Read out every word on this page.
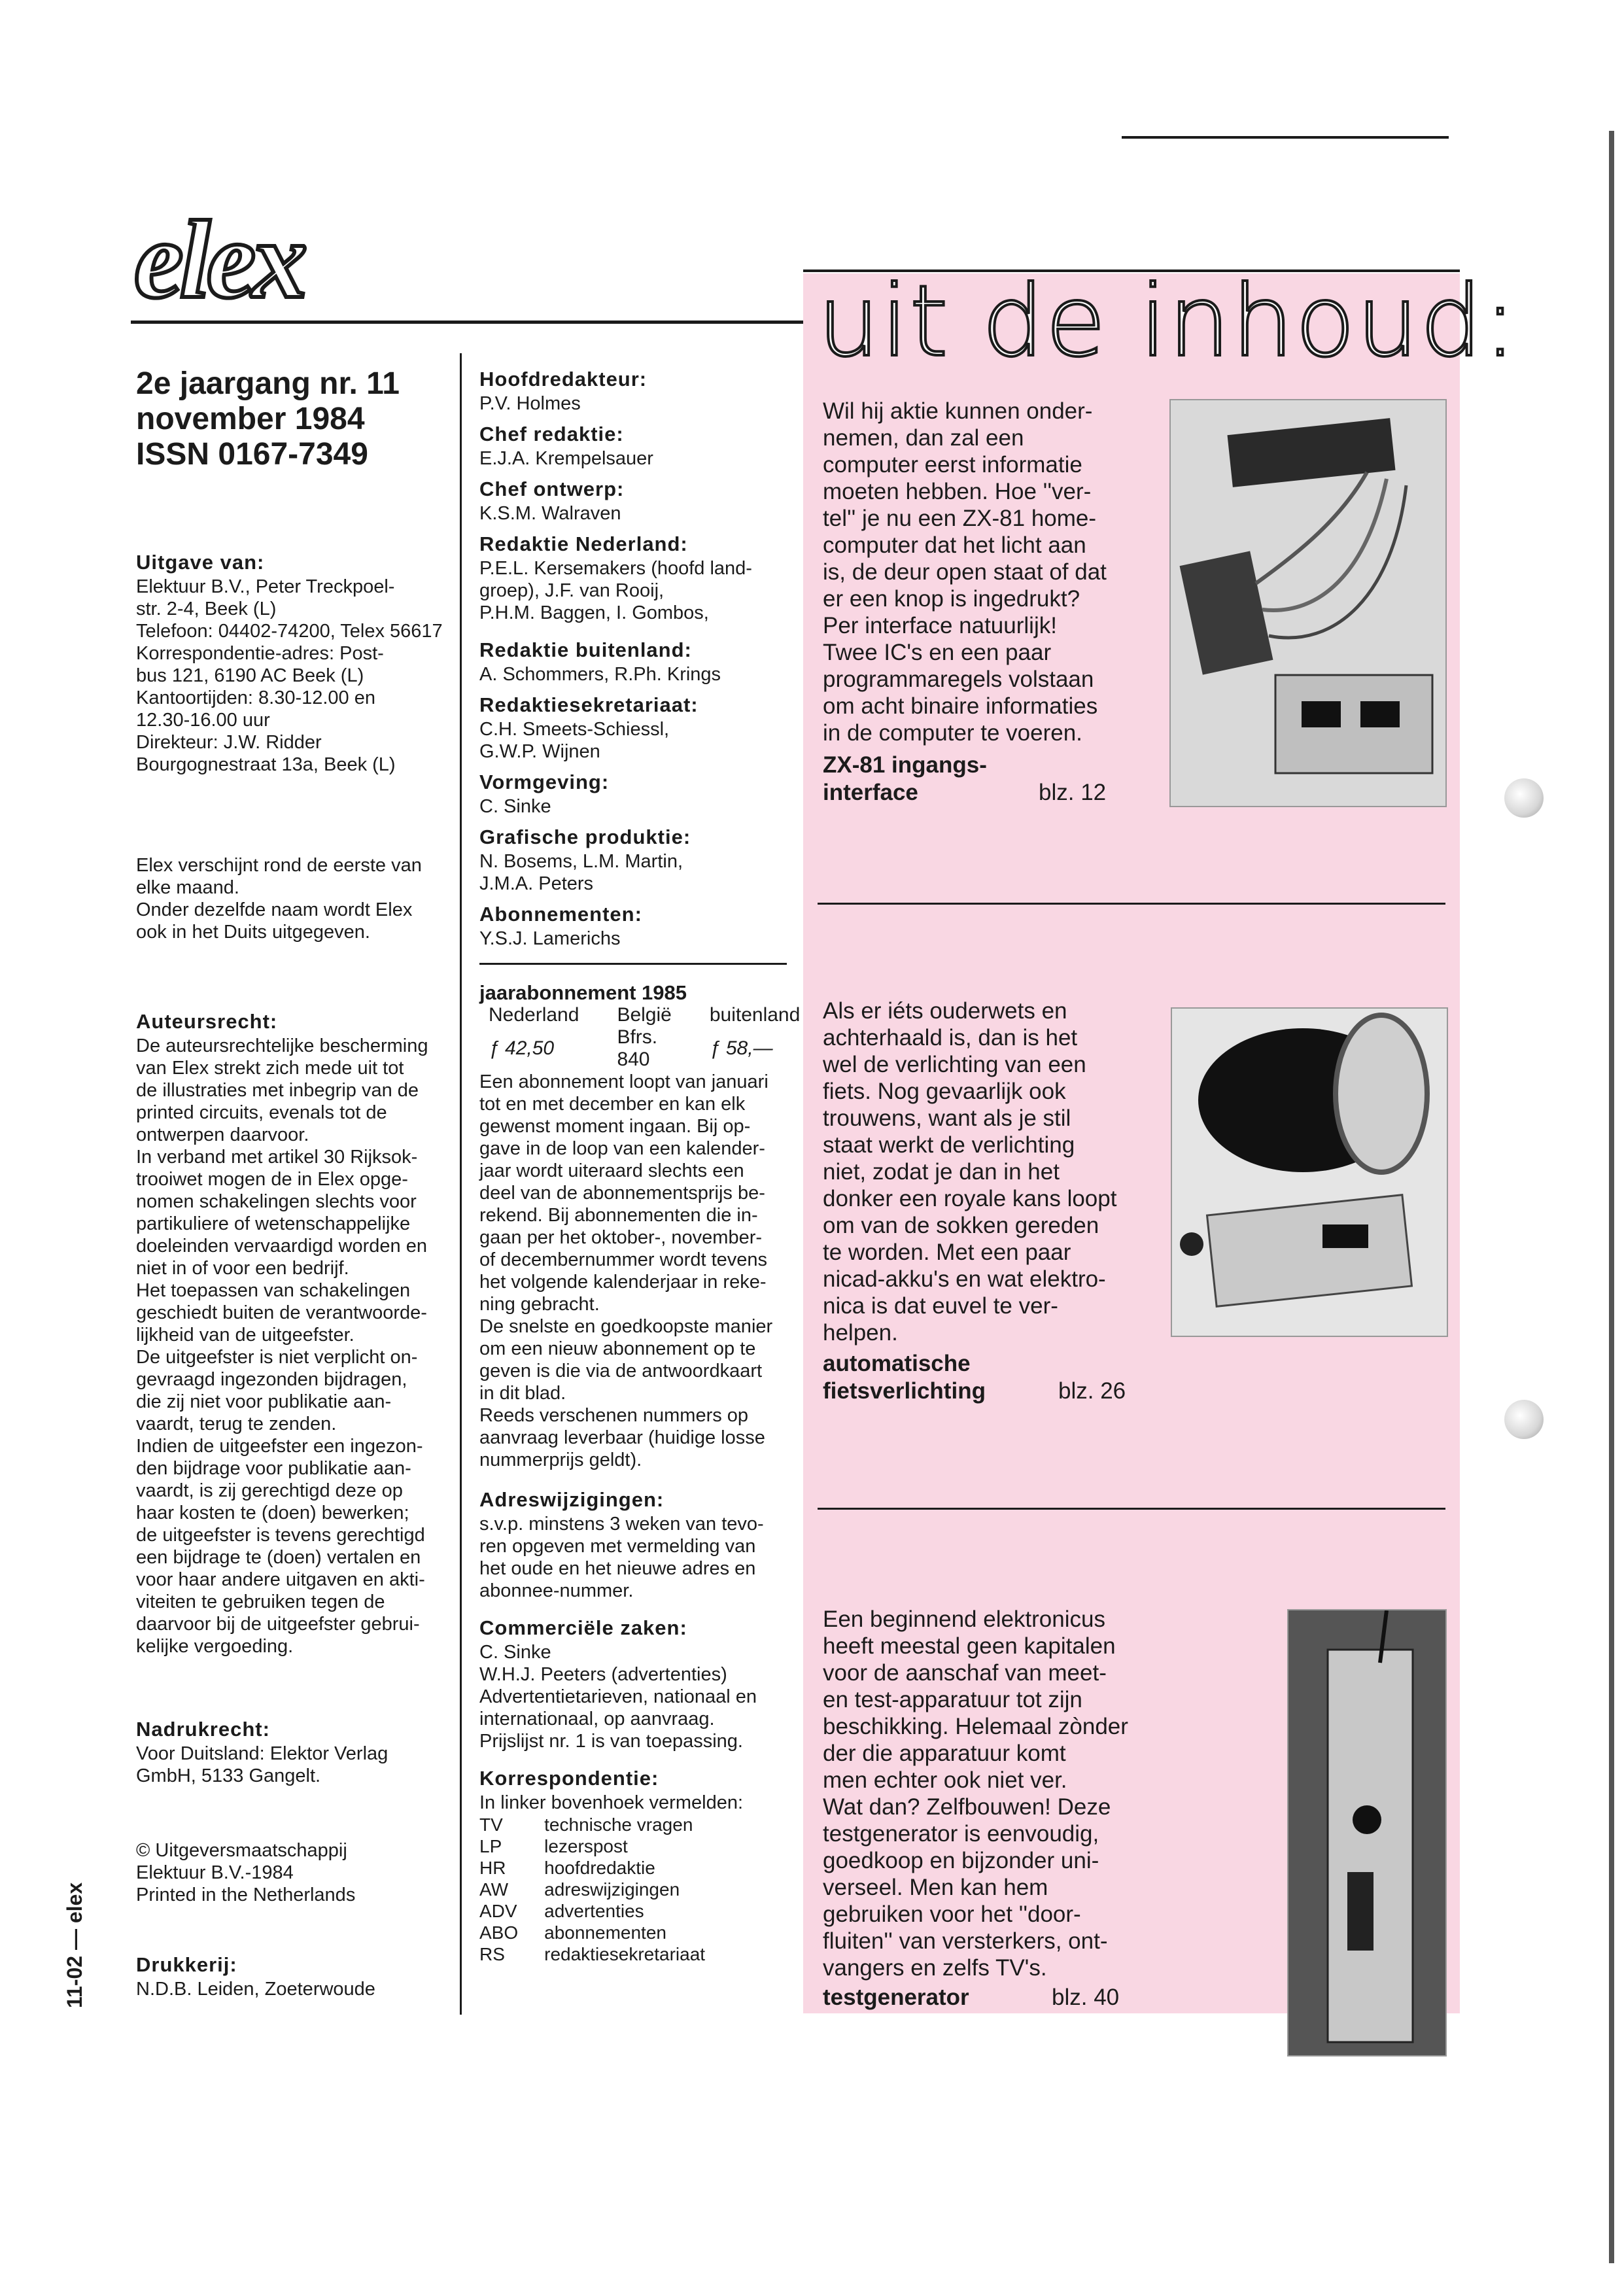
elex
2e jaargang nr. 11
november 1984
ISSN 0167-7349
Uitgave van:
Elektuur B.V., Peter Treckpoel-
str. 2-4, Beek (L)
Telefoon: 04402-74200, Telex 56617
Korrespondentie-adres: Post-
bus 121, 6190 AC Beek (L)
Kantoortijden: 8.30-12.00 en
12.30-16.00 uur
Direkteur: J.W. Ridder
Bourgognestraat 13a, Beek (L)
Elex verschijnt rond de eerste van
elke maand.
Onder dezelfde naam wordt Elex
ook in het Duits uitgegeven.
Auteursrecht:
De auteursrechtelijke bescherming
van Elex strekt zich mede uit tot
de illustraties met inbegrip van de
printed circuits, evenals tot de
ontwerpen daarvoor.
In verband met artikel 30 Rijksok-
trooiwet mogen de in Elex opge-
nomen schakelingen slechts voor
partikuliere of wetenschappelijke
doeleinden vervaardigd worden en
niet in of voor een bedrijf.
Het toepassen van schakelingen
geschiedt buiten de verantwoorde-
lijkheid van de uitgeefster.
De uitgeefster is niet verplicht on-
gevraagd ingezonden bijdragen,
die zij niet voor publikatie aan-
vaardt, terug te zenden.
Indien de uitgeefster een ingezon-
den bijdrage voor publikatie aan-
vaardt, is zij gerechtigd deze op
haar kosten te (doen) bewerken;
de uitgeefster is tevens gerechtigd
een bijdrage te (doen) vertalen en
voor haar andere uitgaven en akti-
viteiten te gebruiken tegen de
daarvoor bij de uitgeefster gebrui-
kelijke vergoeding.
Nadrukrecht:
Voor Duitsland: Elektor Verlag
GmbH, 5133 Gangelt.
© Uitgeversmaatschappij
Elektuur B.V.-1984
Printed in the Netherlands
Drukkerij:
N.D.B. Leiden, Zoeterwoude
11-02 — elex
Hoofdredakteur:
P.V. Holmes
Chef redaktie:
E.J.A. Krempelsauer
Chef ontwerp:
K.S.M. Walraven
Redaktie Nederland:
P.E.L. Kersemakers (hoofd land-
groep), J.F. van Rooij,
P.H.M. Baggen, I. Gombos,
Redaktie buitenland:
A. Schommers, R.Ph. Krings
Redaktiesekretariaat:
C.H. Smeets-Schiessl,
G.W.P. Wijnen
Vormgeving:
C. Sinke
Grafische produktie:
N. Bosems, L.M. Martin,
J.M.A. Peters
Abonnementen:
Y.S.J. Lamerichs
jaarabonnement 1985
Nederland	België	buitenland
ƒ 42,50	Bfrs. 840	ƒ 58,—
Een abonnement loopt van januari
tot en met december en kan elk
gewenst moment ingaan. Bij op-
gave in de loop van een kalender-
jaar wordt uiteraard slechts een
deel van de abonnementsprijs be-
rekend. Bij abonnementen die in-
gaan per het oktober-, november-
of decembernummer wordt tevens
het volgende kalenderjaar in reke-
ning gebracht.
De snelste en goedkoopste manier
om een nieuw abonnement op te
geven is die via de antwoordkaart
in dit blad.
Reeds verschenen nummers op
aanvraag leverbaar (huidige losse
nummerprijs geldt).
Adreswijzigingen:
s.v.p. minstens 3 weken van tevo-
ren opgeven met vermelding van
het oude en het nieuwe adres en
abonnee-nummer.
Commerciële zaken:
C. Sinke
W.H.J. Peeters (advertenties)
Advertentietarieven, nationaal en
internationaal, op aanvraag.
Prijslijst nr. 1 is van toepassing.
Korrespondentie:
In linker bovenhoek vermelden:
TV	technische vragen
LP	lezerspost
HR	hoofdredaktie
AW	adreswijzigingen
ADV	advertenties
ABO	abonnementen
RS	redaktiesekretariaat
uit de inhoud:
Wil hij aktie kunnen onder-
nemen, dan zal een
computer eerst informatie
moeten hebben. Hoe ''ver-
tel'' je nu een ZX-81 home-
computer dat het licht aan
is, de deur open staat of dat
er een knop is ingedrukt?
Per interface natuurlijk!
Twee IC's en een paar
programmaregels volstaan
om acht binaire informaties
in de computer te voeren.
ZX-81 ingangs-
interface	blz. 12
Als er iéts ouderwets en
achterhaald is, dan is het
wel de verlichting van een
fiets. Nog gevaarlijk ook
trouwens, want als je stil
staat werkt de verlichting
niet, zodat je dan in het
donker een royale kans loopt
om van de sokken gereden
te worden. Met een paar
nicad-akku's en wat elektro-
nica is dat euvel te ver-
helpen.
automatische
fietsverlichting	blz. 26
Een beginnend elektronicus
heeft meestal geen kapitalen
voor de aanschaf van meet-
en test-apparatuur tot zijn
beschikking. Helemaal zònder
der die apparatuur komt
men echter ook niet ver.
Wat dan? Zelfbouwen! Deze
testgenerator is eenvoudig,
goedkoop en bijzonder uni-
verseel. Men kan hem
gebruiken voor het ''door-
fluiten'' van versterkers, ont-
vangers en zelfs TV's.
testgenerator	blz. 40
